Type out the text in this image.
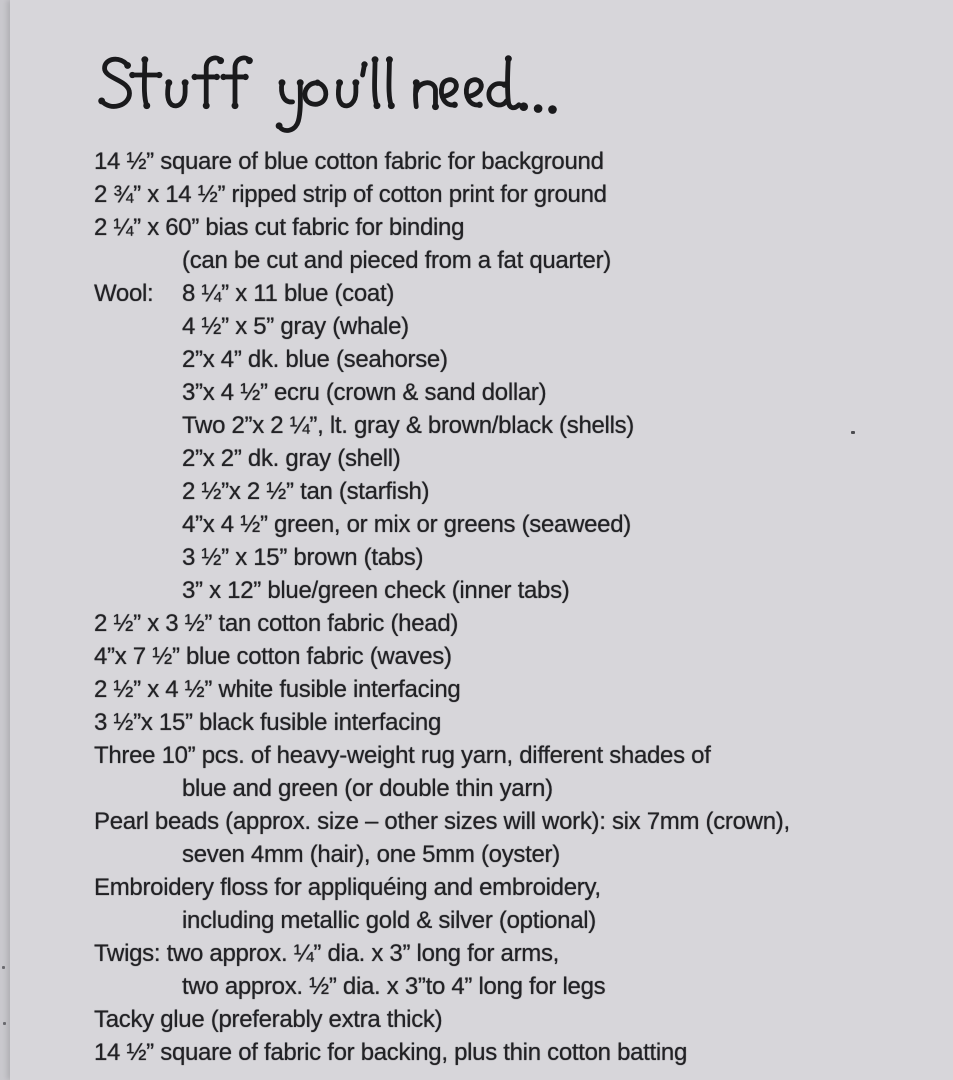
14 ½” square of blue cotton fabric for background
2 ¾” x 14 ½” ripped strip of cotton print for ground
2 ¼” x 60” bias cut fabric for binding
(can be cut and pieced from a fat quarter)
Wool: 8 ¼” x 11 blue (coat)
4 ½” x 5” gray (whale)
2”x 4” dk. blue (seahorse)
3”x 4 ½” ecru (crown & sand dollar)
Two 2”x 2 ¼”, lt. gray & brown/black (shells)
2”x 2” dk. gray (shell)
2 ½”x 2 ½” tan (starfish)
4”x 4 ½” green, or mix or greens (seaweed)
3 ½” x 15” brown (tabs)
3” x 12” blue/green check (inner tabs)
2 ½” x 3 ½” tan cotton fabric (head)
4”x 7 ½” blue cotton fabric (waves)
2 ½” x 4 ½” white fusible interfacing
3 ½”x 15” black fusible interfacing
Three 10” pcs. of heavy-weight rug yarn, different shades of
blue and green (or double thin yarn)
Pearl beads (approx. size – other sizes will work): six 7mm (crown),
seven 4mm (hair), one 5mm (oyster)
Embroidery floss for appliquéing and embroidery,
including metallic gold & silver (optional)
Twigs: two approx. ¼” dia. x 3” long for arms,
two approx. ½” dia. x 3”to 4” long for legs
Tacky glue (preferably extra thick)
14 ½” square of fabric for backing, plus thin cotton batting
